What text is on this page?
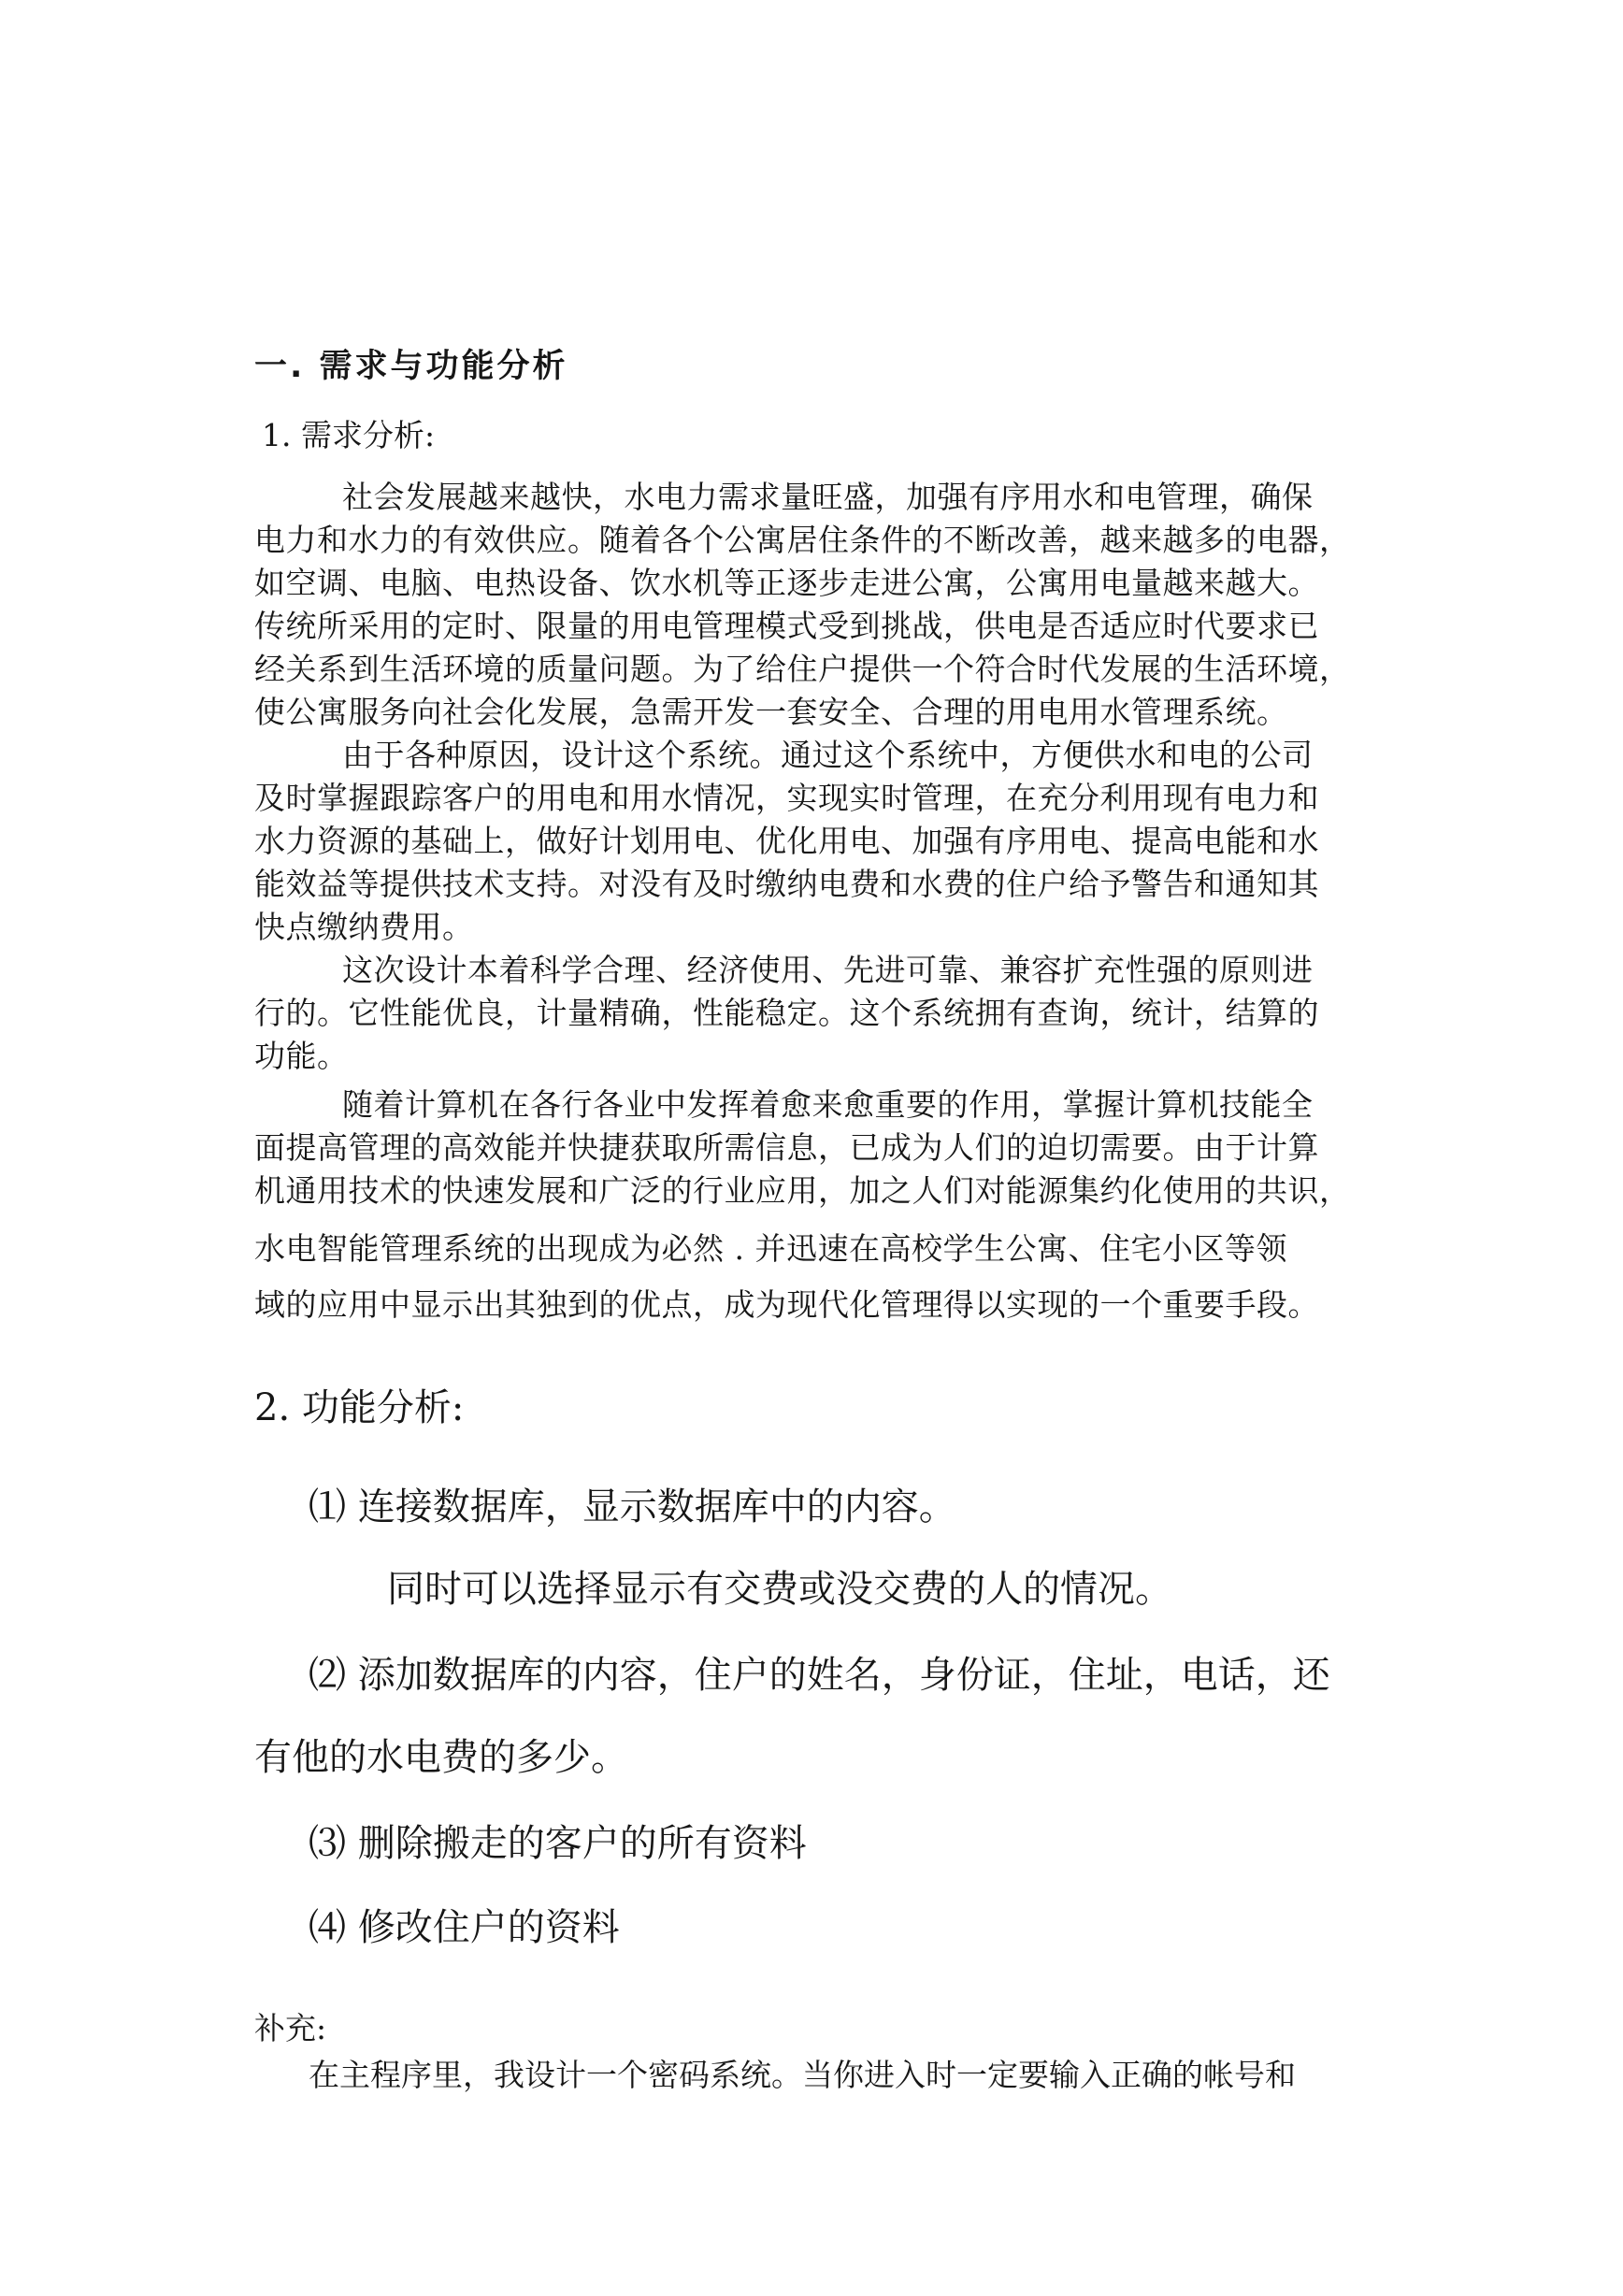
一. 需求与功能分析
1. 需求分析:
社会发展越来越快，水电力需求量旺盛，加强有序用水和电管理，确保
电力和水力的有效供应。随着各个公寓居住条件的不断改善，越来越多的电器，
如空调、电脑、电热设备、饮水机等正逐步走进公寓，公寓用电量越来越大。
传统所采用的定时、限量的用电管理模式受到挑战，供电是否适应时代要求已
经关系到生活环境的质量问题。为了给住户提供一个符合时代发展的生活环境，
使公寓服务向社会化发展，急需开发一套安全、合理的用电用水管理系统。
由于各种原因，设计这个系统。通过这个系统中，方便供水和电的公司
及时掌握跟踪客户的用电和用水情况，实现实时管理，在充分利用现有电力和
水力资源的基础上，做好计划用电、优化用电、加强有序用电、提高电能和水
能效益等提供技术支持。对没有及时缴纳电费和水费的住户给予警告和通知其
快点缴纳费用。
这次设计本着科学合理、经济使用、先进可靠、兼容扩充性强的原则进
行的。它性能优良，计量精确，性能稳定。这个系统拥有查询，统计，结算的
功能。
随着计算机在各行各业中发挥着愈来愈重要的作用，掌握计算机技能全
面提高管理的高效能并快捷获取所需信息，已成为人们的迫切需要。由于计算
机通用技术的快速发展和广泛的行业应用，加之人们对能源集约化使用的共识，
水电智能管理系统的出现成为必然 . 并迅速在高校学生公寓、住宅小区等领
域的应用中显示出其独到的优点，成为现代化管理得以实现的一个重要手段。
2. 功能分析:
⑴ 连接数据库，显示数据库中的内容。
同时可以选择显示有交费或没交费的人的情况。
⑵ 添加数据库的内容，住户的姓名，身份证，住址，电话，还
有他的水电费的多少。
⑶ 删除搬走的客户的所有资料
⑷ 修改住户的资料
补充:
在主程序里，我设计一个密码系统。当你进入时一定要输入正确的帐号和
